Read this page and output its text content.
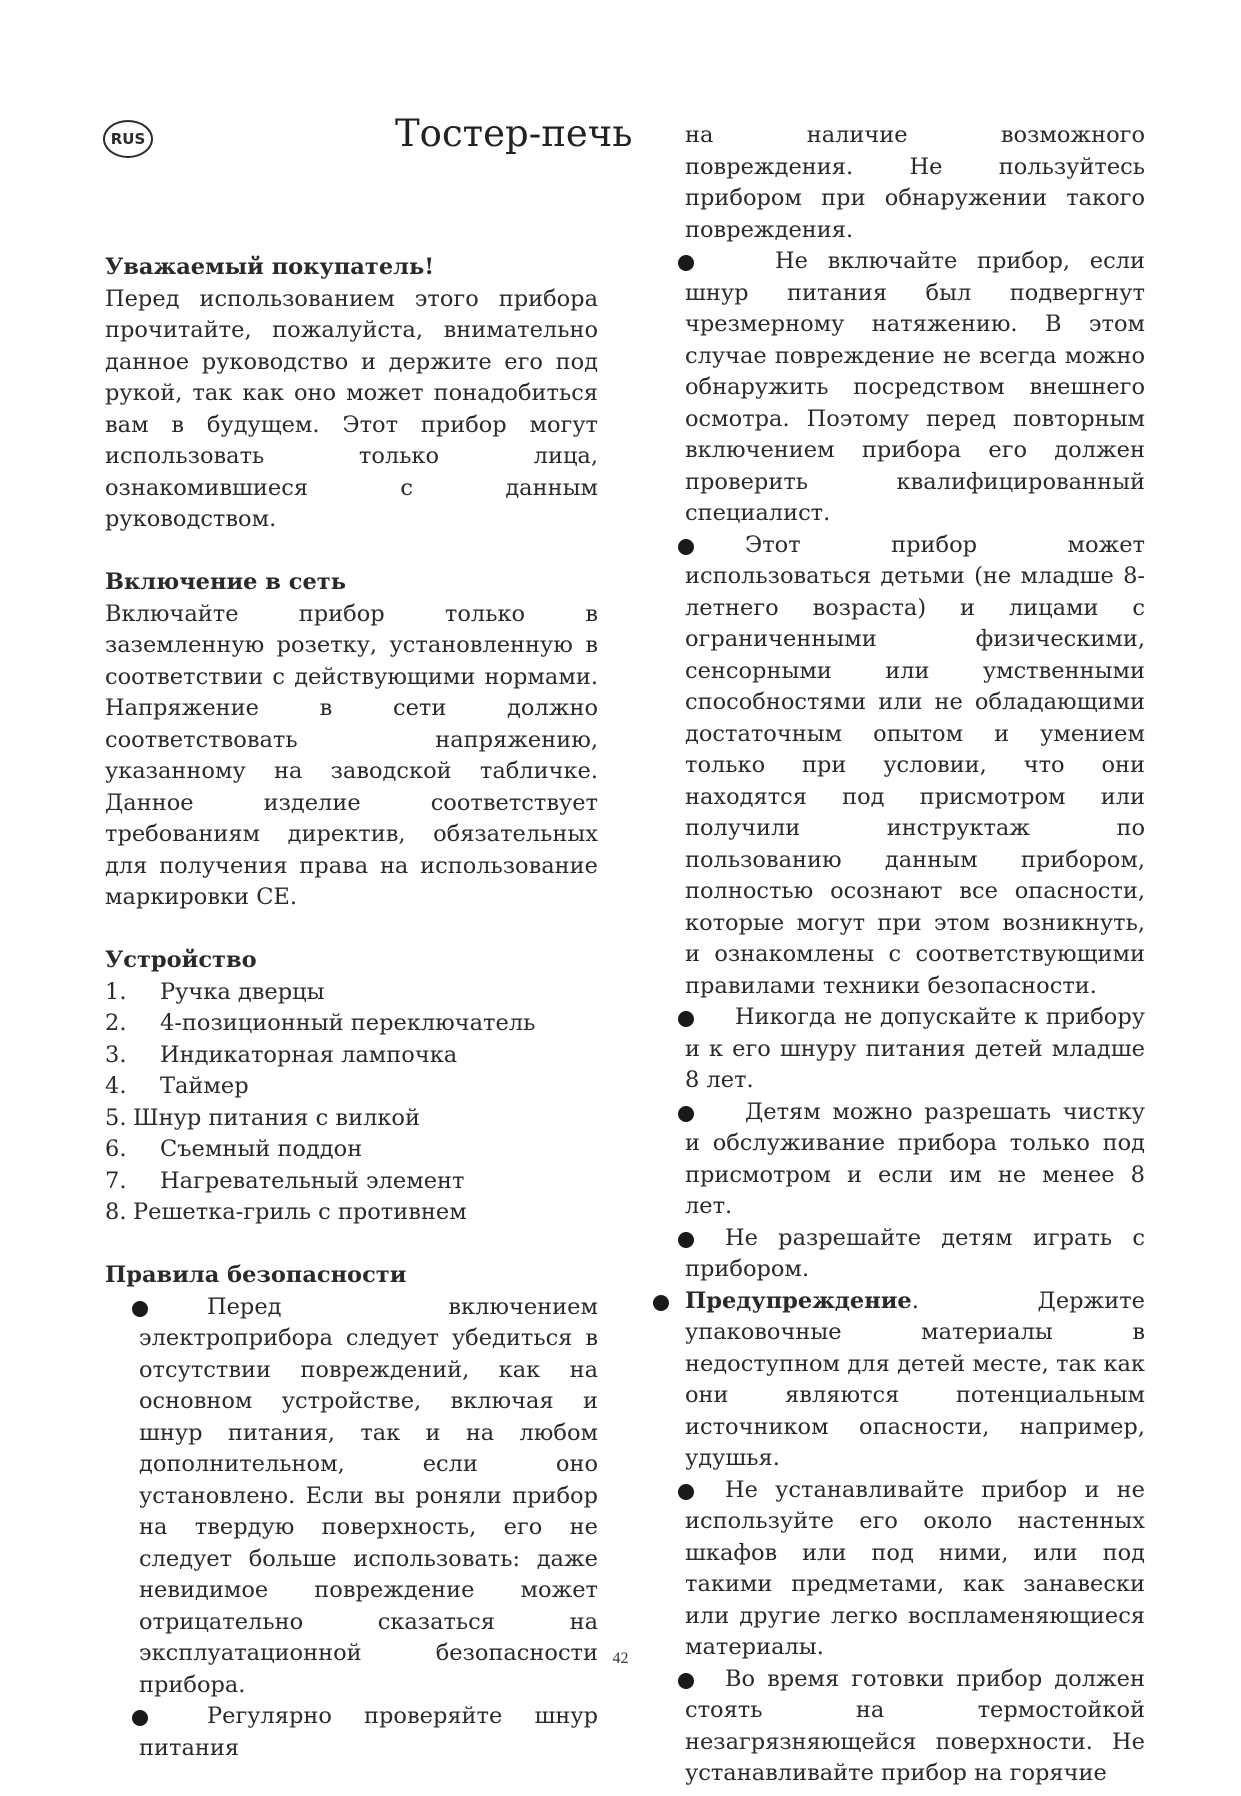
RUS	Тостер-печь

Уважаемый покупатель!

Перед использованием этого прибора прочитайте, пожалуйста, внимательно данное руководство и держите его под рукой, так как оно может понадобиться вам в будущем. Этот прибор могут использовать только лица, ознакомившиеся с данным руководством.

Включение в сеть

Включайте прибор только в заземленную розетку, установленную в соответствии с действующими нормами. Напряжение в сети должно соответствовать напряжению, указанному на заводской табличке. Данное изделие соответствует требованиям директив, обязательных для получения права на использование маркировки CE.

Устройство

1.	Ручка дверцы
2.	4-позиционный переключатель
3.	Индикаторная лампочка
4.	Таймер
5. Шнур питания с вилкой
6.	Съемный поддон
7.	Нагревательный элемент
8. Решетка-гриль с противнем

Правила безопасности

Перед включением электроприбора следует убедиться в отсутствии повреждений, как на основном устройстве, включая и шнур питания, так и на любом дополнительном, если оно установлено. Если вы роняли прибор на твердую поверхность, его не следует больше использовать: даже невидимое повреждение может отрицательно сказаться на эксплуатационной безопасности прибора.
Регулярно проверяйте шнур питания

на наличие возможного повреждения. Не пользуйтесь прибором при обнаружении такого повреждения.

Не включайте прибор, если шнур питания был подвергнут чрезмерному натяжению. В этом случае повреждение не всегда можно обнаружить посредством внешнего осмотра. Поэтому перед повторным включением прибора его должен проверить квалифицированный специалист.
Этот прибор может использоваться детьми (не младше 8-летнего возраста) и лицами с ограниченными физическими, сенсорными или умственными способностями или не обладающими достаточным опытом и умением только при условии, что они находятся под присмотром или получили инструктаж по пользованию данным прибором, полностью осознают все опасности, которые могут при этом возникнуть, и ознакомлены с соответствующими правилами техники безопасности.
Никогда не допускайте к прибору и к его шнуру питания детей младше 8 лет.
Детям можно разрешать чистку и обслуживание прибора только под присмотром и если им не менее 8 лет.
Не разрешайте детям играть с прибором.
Предупреждение. Держите упаковочные материалы в недоступном для детей месте, так как они являются потенциальным источником опасности, например, удушья.
Не устанавливайте прибор и не используйте его около настенных шкафов или под ними, или под такими предметами, как занавески или другие легко воспламеняющиеся материалы.
Во время готовки прибор должен стоять на термостойкой незагрязняющейся поверхности. Не устанавливайте прибор на горячие
42
